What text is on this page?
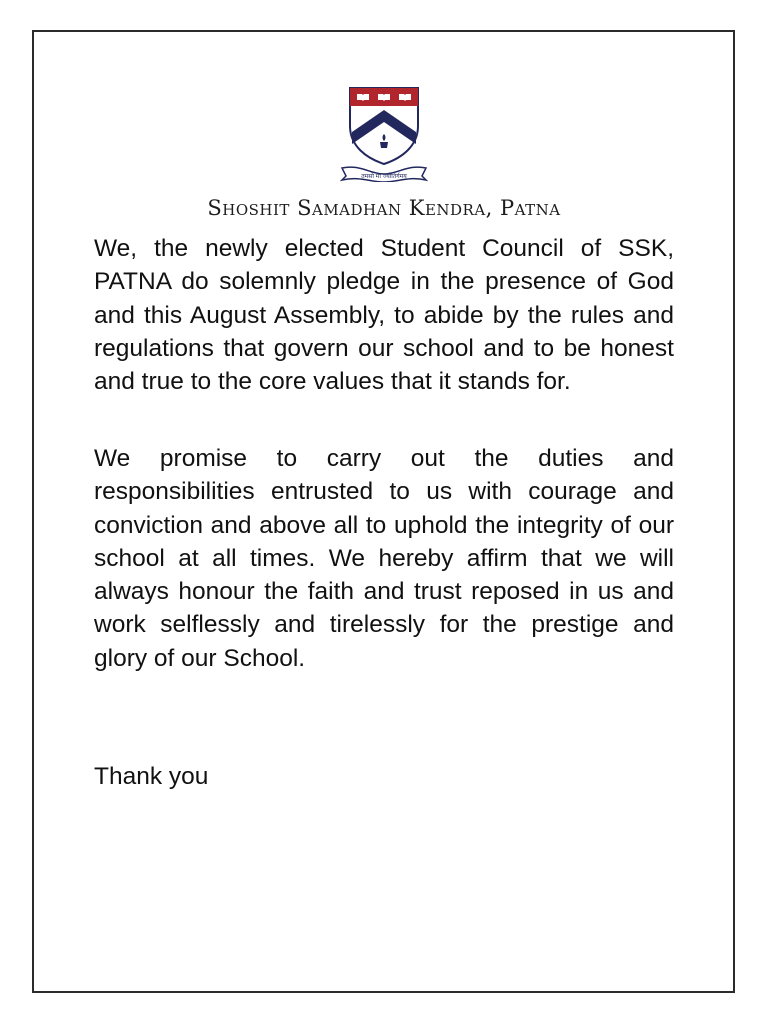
तमसो मा ज्योतिर्गमय
Shoshit Samadhan Kendra, Patna
We, the newly elected Student Council of SSK, PATNA do solemnly pledge in the presence of God and this August Assembly, to abide by the rules and regulations that govern our school and to be honest and true to the core values that it stands for.
We promise to carry out the duties and responsibilities entrusted to us with courage and conviction and above all to uphold the integrity of our school at all times. We hereby affirm that we will always honour the faith and trust reposed in us and work selflessly and tirelessly for the prestige and glory of our School.
Thank you
